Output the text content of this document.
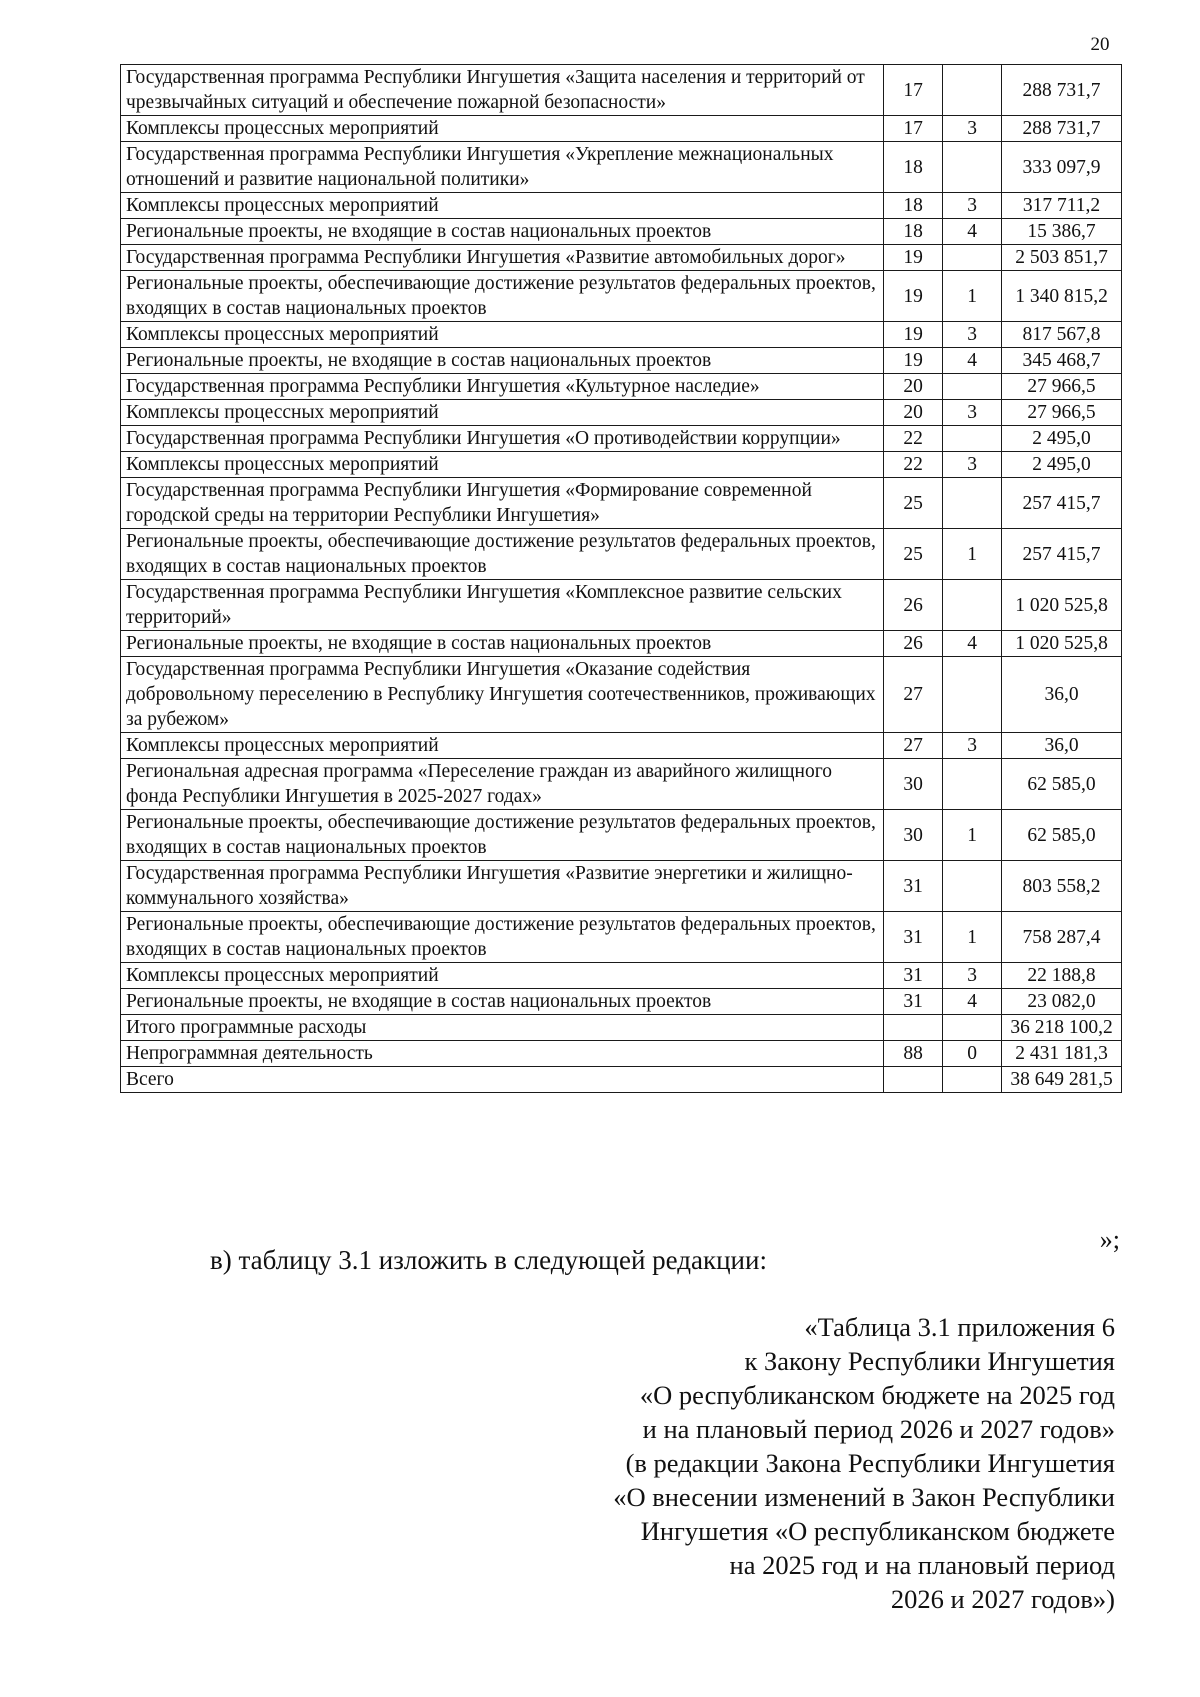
20
Государственная программа Республики Ингушетия «Защита населения и территорий от чрезвычайных ситуаций и обеспечение пожарной безопасности»	17		288 731,7
Комплексы процессных мероприятий	17	3	288 731,7
Государственная программа Республики Ингушетия «Укрепление межнациональных отношений и развитие национальной политики»	18		333 097,9
Комплексы процессных мероприятий	18	3	317 711,2
Региональные проекты, не входящие в состав национальных проектов	18	4	15 386,7
Государственная программа Республики Ингушетия «Развитие автомобильных дорог»	19		2 503 851,7
Региональные проекты, обеспечивающие достижение результатов федеральных проектов, входящих в состав национальных проектов	19	1	1 340 815,2
Комплексы процессных мероприятий	19	3	817 567,8
Региональные проекты, не входящие в состав национальных проектов	19	4	345 468,7
Государственная программа Республики Ингушетия «Культурное наследие»	20		27 966,5
Комплексы процессных мероприятий	20	3	27 966,5
Государственная программа Республики Ингушетия «О противодействии коррупции»	22		2 495,0
Комплексы процессных мероприятий	22	3	2 495,0
Государственная программа Республики Ингушетия «Формирование современной городской среды на территории Республики Ингушетия»	25		257 415,7
Региональные проекты, обеспечивающие достижение результатов федеральных проектов, входящих в состав национальных проектов	25	1	257 415,7
Государственная программа Республики Ингушетия «Комплексное развитие сельских территорий»	26		1 020 525,8
Региональные проекты, не входящие в состав национальных проектов	26	4	1 020 525,8
Государственная программа Республики Ингушетия «Оказание содействия добровольному переселению в Республику Ингушетия соотечественников, проживающих за рубежом»	27		36,0
Комплексы процессных мероприятий	27	3	36,0
Региональная адресная программа «Переселение граждан из аварийного жилищного фонда Республики Ингушетия в 2025-2027 годах»	30		62 585,0
Региональные проекты, обеспечивающие достижение результатов федеральных проектов, входящих в состав национальных проектов	30	1	62 585,0
Государственная программа Республики Ингушетия «Развитие энергетики и жилищно-коммунального хозяйства»	31		803 558,2
Региональные проекты, обеспечивающие достижение результатов федеральных проектов, входящих в состав национальных проектов	31	1	758 287,4
Комплексы процессных мероприятий	31	3	22 188,8
Региональные проекты, не входящие в состав национальных проектов	31	4	23 082,0
Итого программные расходы			36 218 100,2
Непрограммная деятельность	88	0	2 431 181,3
Всего			38 649 281,5
»;
в) таблицу 3.1 изложить в следующей редакции:
«Таблица 3.1 приложения 6
к Закону Республики Ингушетия
«О республиканском бюджете на 2025 год
и на плановый период 2026 и 2027 годов»
(в редакции Закона Республики Ингушетия
«О внесении изменений в Закон Республики
Ингушетия «О республиканском бюджете
на 2025 год и на плановый период
2026 и 2027 годов»)
